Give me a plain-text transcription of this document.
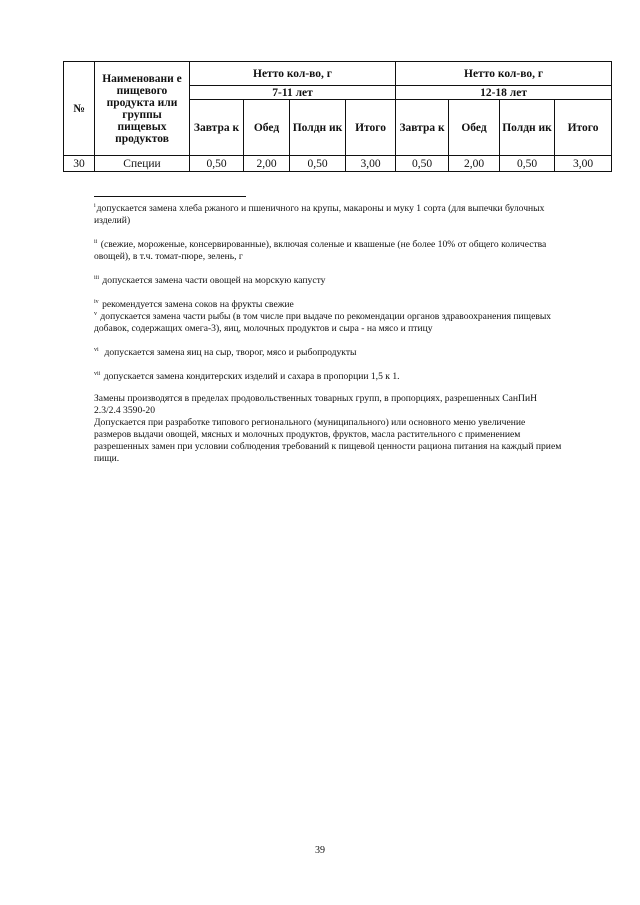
№	Наименовани е пищевого продукта или группы пищевых продуктов	Нетто кол-во, г				Нетто кол-во, г			
		7-11 лет				12-18 лет			
		Завтра к	Обед	Полдн ик	Итого	Завтра к	Обед	Полдн ик	Итого
30	Специи	0,50	2,00	0,50	3,00	0,50	2,00	0,50	3,00

$^i$допускается замена хлеба ржаного и пшеничного на крупы, макароны и муку 1 сорта (для выпечки булочных изделий)

$^{ii}$ (свежие, мороженые, консервированные), включая соленые и квашеные (не более 10% от общего количества овощей), в т.ч. томат-пюре, зелень, г

$^{iii}$ допускается замена части овощей на морскую капусту

$^{iv}$ рекомендуется замена соков на фрукты свежие

$^v$ допускается замена части рыбы (в том числе при выдаче по рекомендации органов здравоохранения пищевых добавок, содержащих омега-3), яиц, молочных продуктов и сыра - на мясо и птицу

$^{vi}$ допускается замена яиц на сыр, творог, мясо и рыбопродукты

$^{vii}$ допускается замена кондитерских изделий и сахара в пропорции 1,5 к 1.

Замены производятся в пределах продовольственных товарных групп, в пропорциях, разрешенных СанПиН 2.3/2.4 3590-20

Допускается при разработке типового регионального (муниципального) или основного меню увеличение размеров выдачи овощей, мясных и молочных продуктов, фруктов, масла растительного с применением разрешенных замен при условии соблюдения требований к пищевой ценности рациона питания на каждый прием пищи.

39
